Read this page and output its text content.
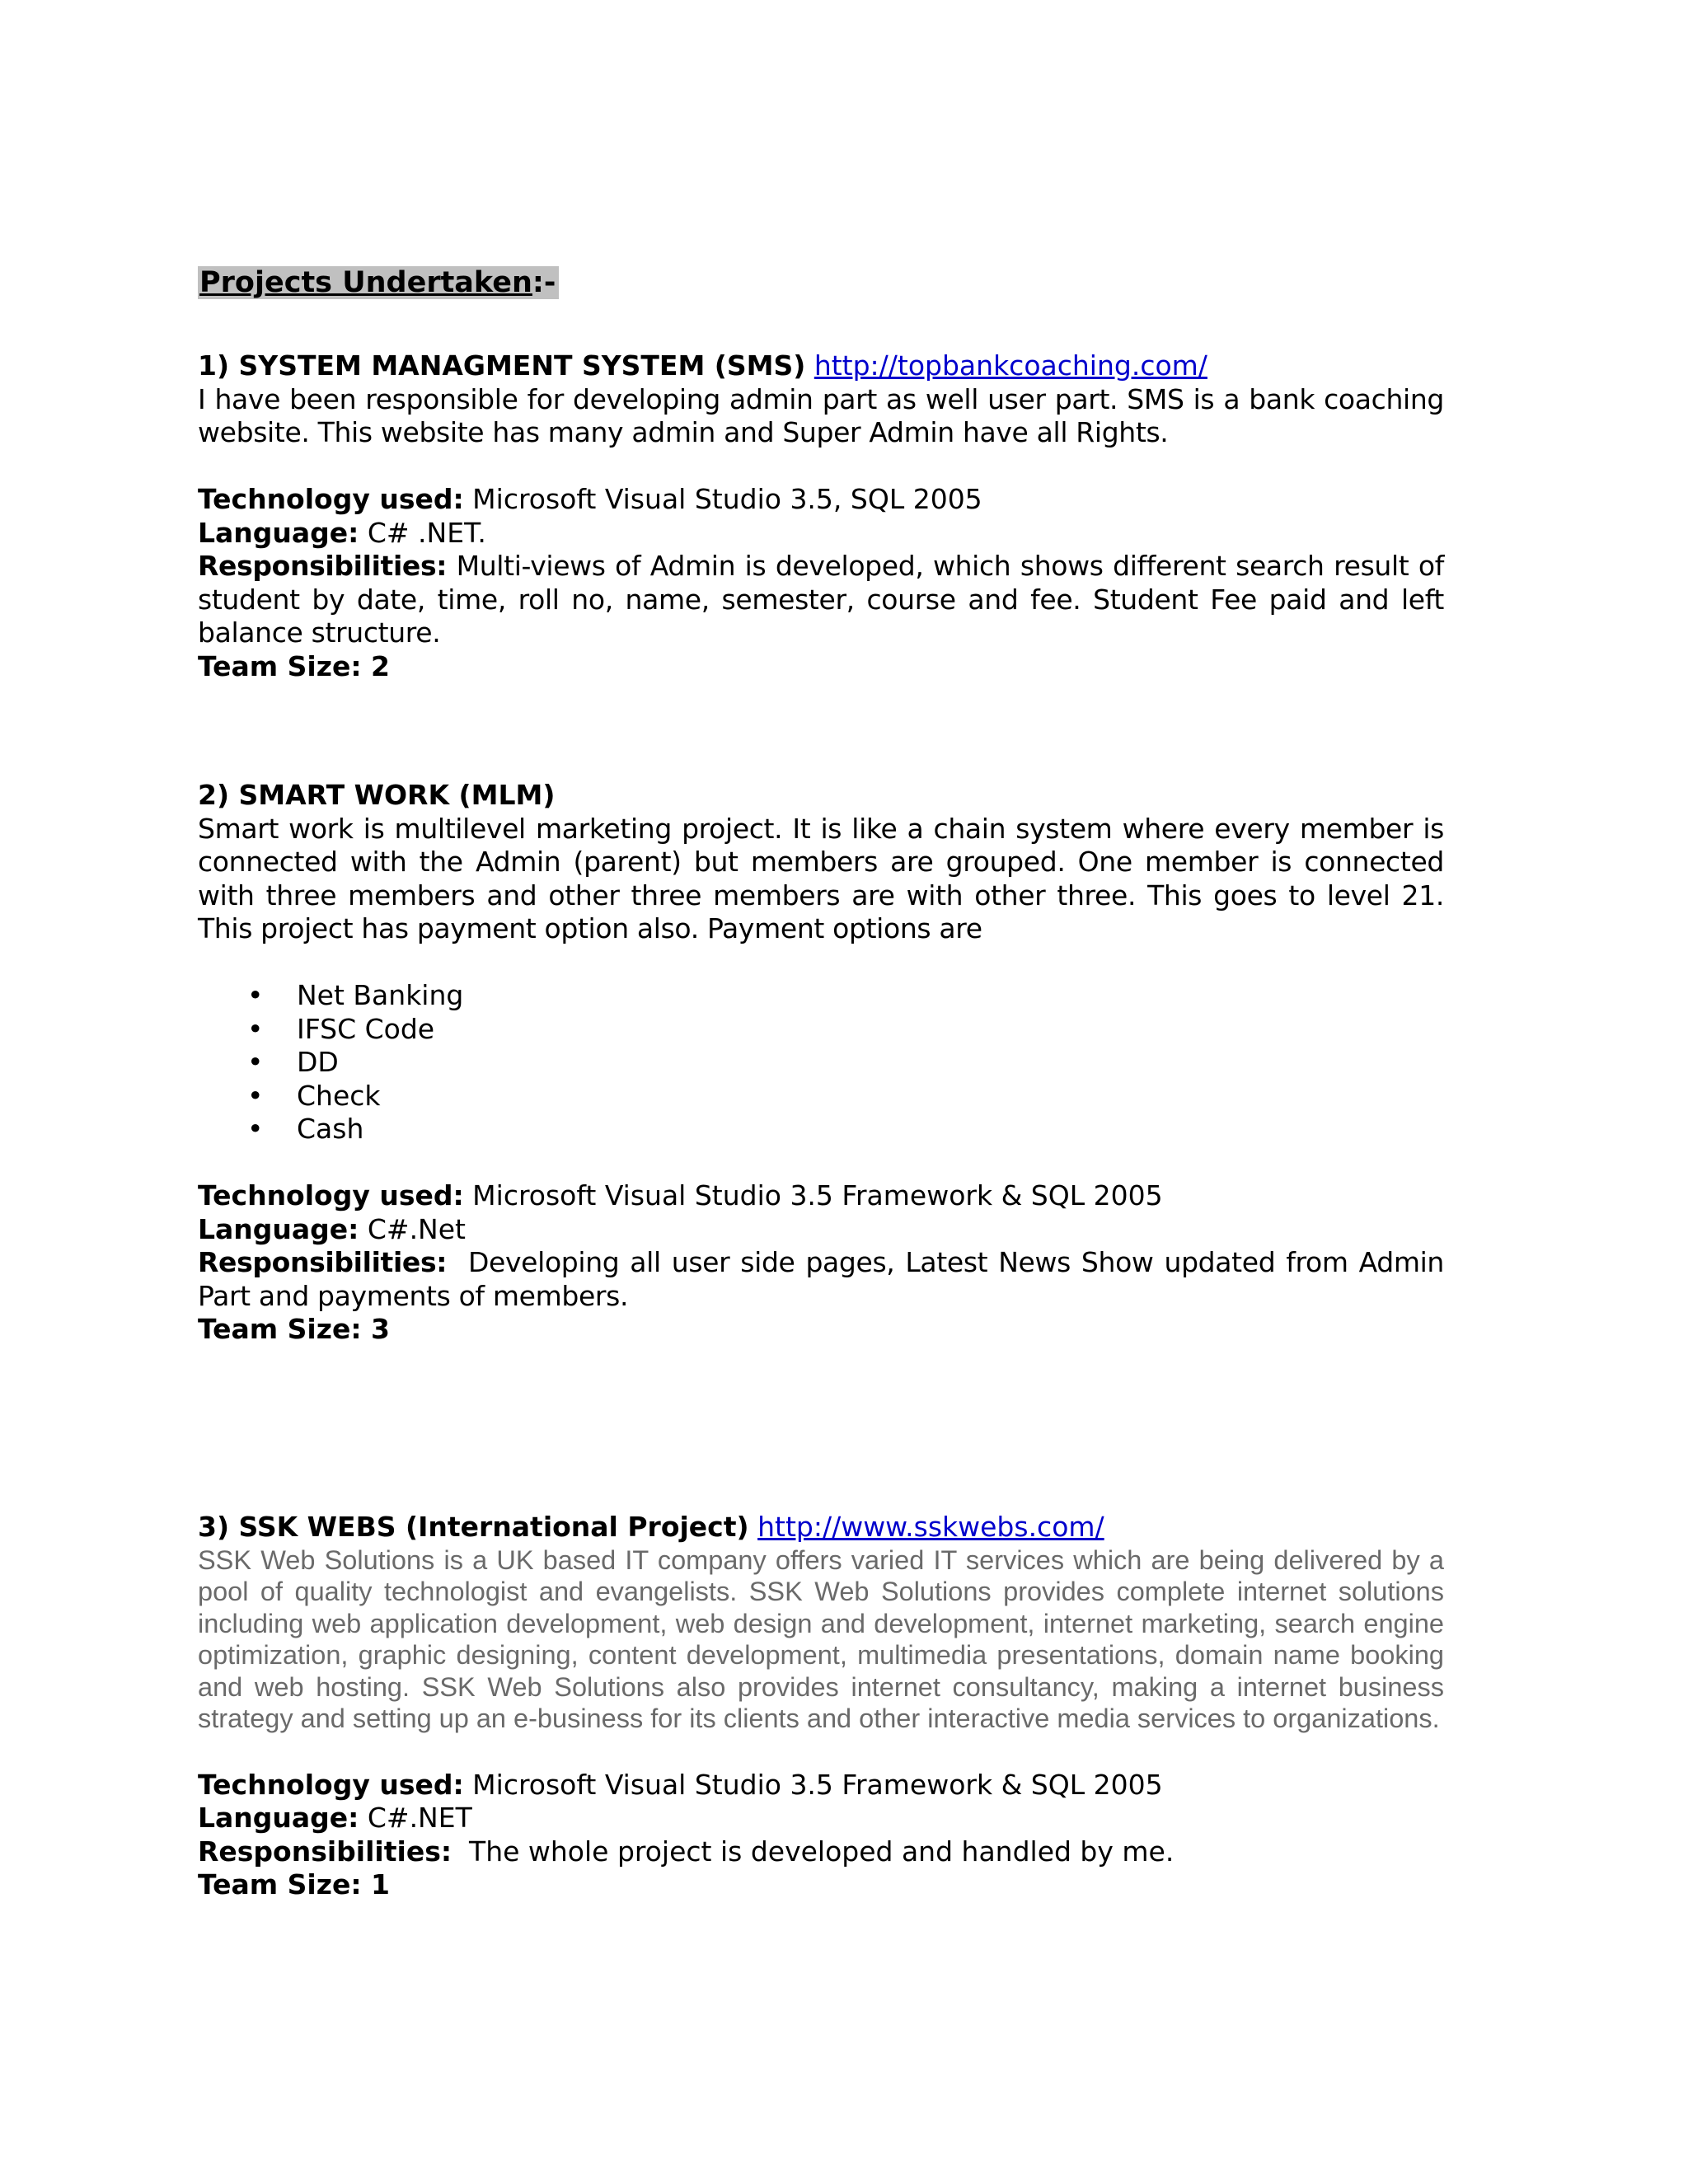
Projects Undertaken:-

1) SYSTEM MANAGMENT SYSTEM (SMS) http://topbankcoaching.com/

I have been responsible for developing admin part as well user part. SMS is a bank coaching website. This website has many admin and Super Admin have all Rights.

Technology used: Microsoft Visual Studio 3.5, SQL 2005

Language: C# .NET.

Responsibilities: Multi-views of Admin is developed, which shows different search result of student by date, time, roll no, name, semester, course and fee. Student Fee paid and left balance structure.

Team Size: 2

2) SMART WORK (MLM)

Smart work is multilevel marketing project. It is like a chain system where every member is connected with the Admin (parent) but members are grouped. One member is connected with three members and other three members are with other three. This goes to level 21. This project has payment option also. Payment options are

• Net Banking
• IFSC Code
• DD
• Check
• Cash

Technology used: Microsoft Visual Studio 3.5 Framework & SQL 2005

Language: C#.Net

Responsibilities: Developing all user side pages, Latest News Show updated from Admin Part and payments of members.

Team Size: 3

3) SSK WEBS (International Project) http://www.sskwebs.com/

SSK Web Solutions is a UK based IT company offers varied IT services which are being delivered by a pool of quality technologist and evangelists. SSK Web Solutions provides complete internet solutions including web application development, web design and development, internet marketing, search engine optimization, graphic designing, content development, multimedia presentations, domain name booking and web hosting. SSK Web Solutions also provides internet consultancy, making a internet business strategy and setting up an e-business for its clients and other interactive media services to organizations.

Technology used: Microsoft Visual Studio 3.5 Framework & SQL 2005

Language: C#.NET

Responsibilities: The whole project is developed and handled by me.

Team Size: 1
